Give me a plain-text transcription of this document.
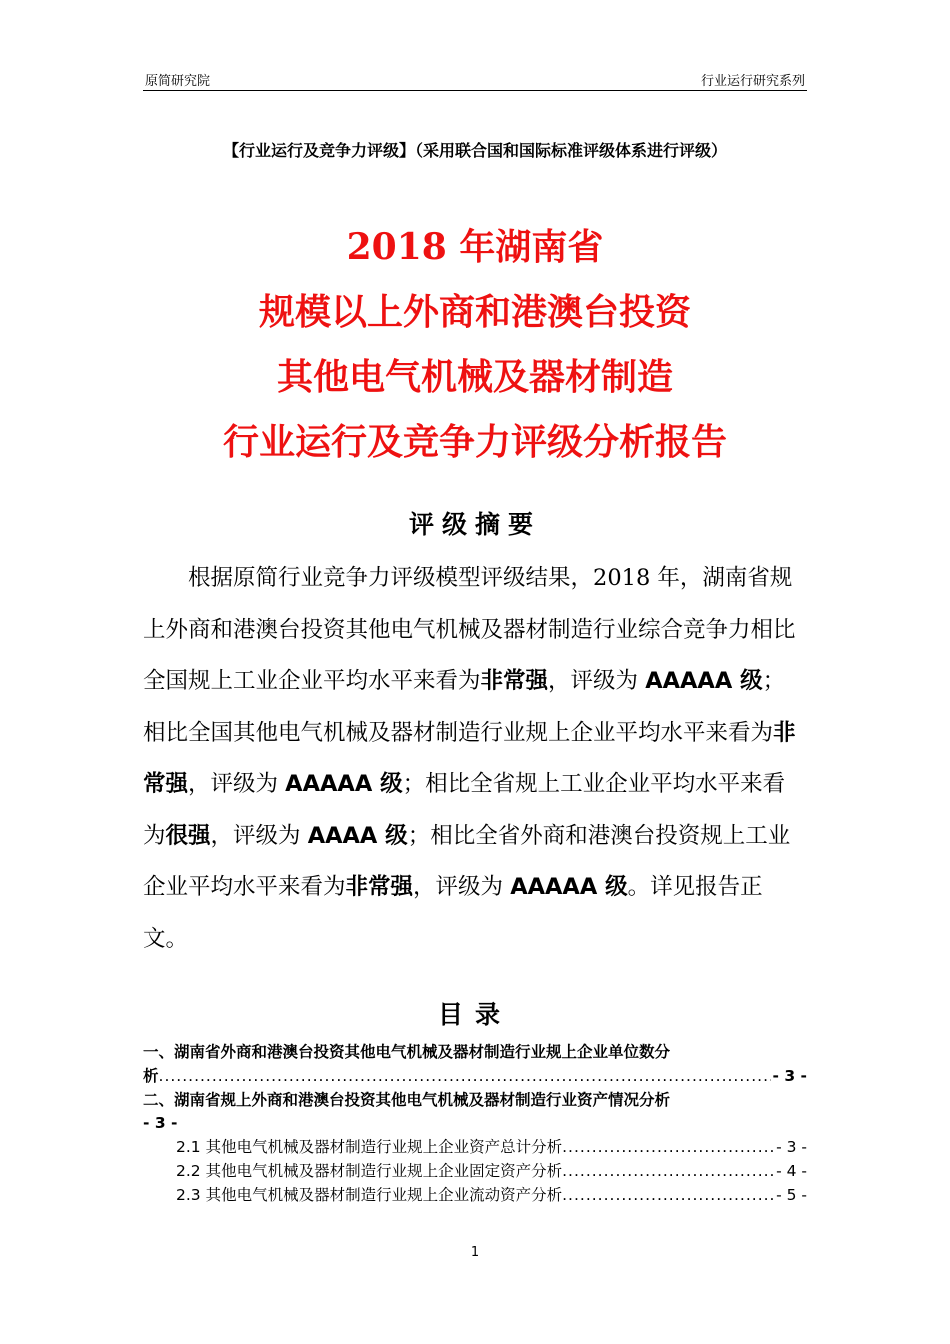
原简研究院	行业运行研究系列
【行业运行及竞争力评级】（采用联合国和国际标准评级体系进行评级）
2018 年湖南省
规模以上外商和港澳台投资
其他电气机械及器材制造
行业运行及竞争力评级分析报告
评级摘要

根据原简行业竞争力评级模型评级结果，2018 年，湖南省规上外商和港澳台投资其他电气机械及器材制造行业综合竞争力相比全国规上工业企业平均水平来看为非常强，评级为 AAAAA 级；相比全国其他电气机械及器材制造行业规上企业平均水平来看为非常强，评级为 AAAAA 级；相比全省规上工业企业平均水平来看为很强，评级为 AAAA 级；相比全省外商和港澳台投资规上工业企业平均水平来看为非常强，评级为 AAAAA 级。详见报告正文。

目录
一、湖南省外商和港澳台投资其他电气机械及器材制造行业规上企业单位数分
析 .....	- 3 -
二、湖南省规上外商和港澳台投资其他电气机械及器材制造行业资产情况分析
- 3 -
2.1
其他电气机械及器材制造行业规上企业资产总计分析 .....	- 3 -
2.2
其他电气机械及器材制造行业规上企业固定资产分析 .....	- 4 -
2.3
其他电气机械及器材制造行业规上企业流动资产分析 .....	- 5 -
1
